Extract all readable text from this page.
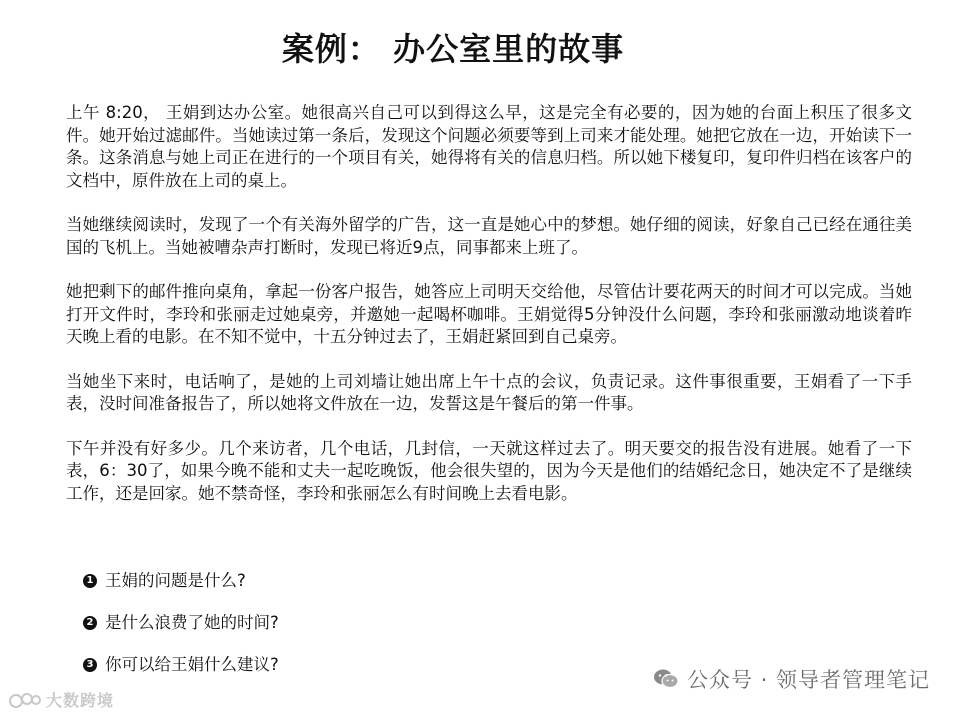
案例： 办公室里的故事

上午 8:20， 王娟到达办公室。她很高兴自己可以到得这么早，这是完全有必要的，因为她的台面上积压了很多文件。她开始过滤邮件。当她读过第一条后，发现这个问题必须要等到上司来才能处理。她把它放在一边，开始读下一条。这条消息与她上司正在进行的一个项目有关，她得将有关的信息归档。所以她下楼复印，复印件归档在该客户的文档中，原件放在上司的桌上。

当她继续阅读时，发现了一个有关海外留学的广告，这一直是她心中的梦想。她仔细的阅读，好象自己已经在通往美国的飞机上。当她被嘈杂声打断时，发现已将近9点，同事都来上班了。

她把剩下的邮件推向桌角，拿起一份客户报告，她答应上司明天交给他，尽管估计要花两天的时间才可以完成。当她打开文件时，李玲和张丽走过她桌旁，并邀她一起喝杯咖啡。王娟觉得5分钟没什么问题，李玲和张丽激动地谈着昨天晚上看的电影。在不知不觉中，十五分钟过去了，王娟赶紧回到自己桌旁。

当她坐下来时，电话响了，是她的上司刘墙让她出席上午十点的会议，负责记录。这件事很重要，王娟看了一下手表，没时间准备报告了，所以她将文件放在一边，发誓这是午餐后的第一件事。

下午并没有好多少。几个来访者，几个电话，几封信，一天就这样过去了。明天要交的报告没有进展。她看了一下表，6：30了，如果今晚不能和丈夫一起吃晚饭，他会很失望的，因为今天是他们的结婚纪念日，她决定不了是继续工作，还是回家。她不禁奇怪，李玲和张丽怎么有时间晚上去看电影。

1 王娟的问题是什么?
2 是什么浪费了她的时间?
3 你可以给王娟什么建议?
公众号 · 领导者管理笔记
大数跨境
